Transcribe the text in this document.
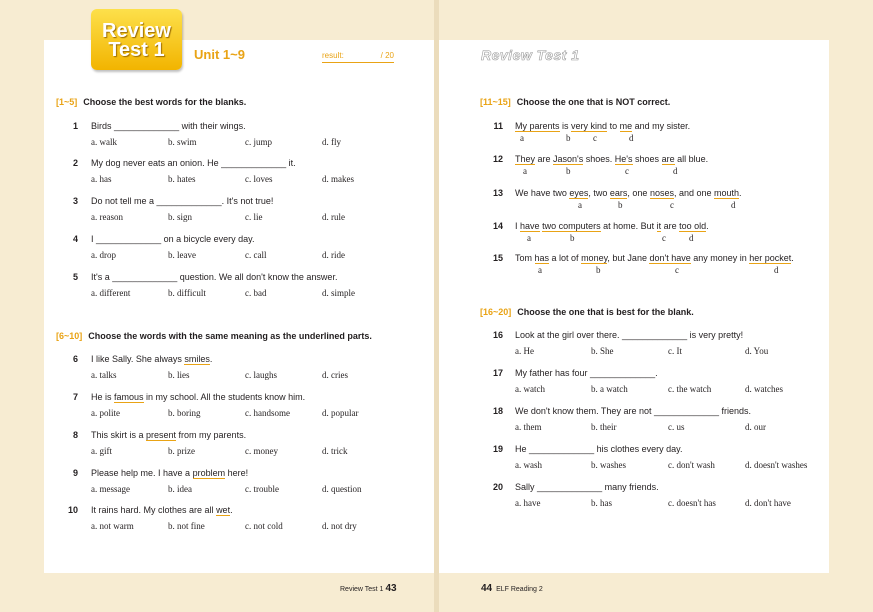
Review Test 1	Unit 1~9	result:	/ 20
[1~5] Choose the best words for the blanks.
[6~10] Choose the words with the same meaning as the underlined parts.
1 Birds _____________ with their wings.
a. walk	b. swim	c. jump	d. fly
2 My dog never eats an onion. He _____________ it.
a. has	b. hates	c. loves	d. makes
3 Do not tell me a _____________. It's not true!
a. reason	b. sign	c. lie	d. rule
4 I _____________ on a bicycle every day.
a. drop	b. leave	c. call	d. ride
5 It's a _____________ question. We all don't know the answer.
a. different	b. difficult	c. bad	d. simple
6 I like Sally. She always smiles.
a. talks	b. lies	c. laughs	d. cries
7 He is famous in my school. All the students know him.
a. polite	b. boring	c. handsome	d. popular
8 This skirt is a present from my parents.
a. gift	b. prize	c. money	d. trick
9 Please help me. I have a problem here!
a. message	b. idea	c. trouble	d. question
10 It rains hard. My clothes are all wet.
a. not warm	b. not fine	c. not cold	d. not dry
Review Test 1 43
Review Test 1
[11~15] Choose the one that is NOT correct.
[16~20] Choose the one that is best for the blank.
11 My parents is very kind to me and my sister.
a	b	c	d
12 They are Jason's shoes. He's shoes are all blue.
a	b	c	d
13 We have two eyes, two ears, one noses, and one mouth.
a	b	c	d
14 I have two computers at home. But it are too old.
a	b	c	d
15 Tom has a lot of money, but Jane don't have any money in her pocket.
a	b	c	d
16 Look at the girl over there. _____________ is very pretty!
a. He	b. She	c. It	d. You
17 My father has four _____________.
a. watch	b. a watch	c. the watch	d. watches
18 We don't know them. They are not _____________ friends.
a. them	b. their	c. us	d. our
19 He _____________ his clothes every day.
a. wash	b. washes	c. don't wash	d. doesn't washes
20 Sally _____________ many friends.
a. have	b. has	c. doesn't has	d. don't have
44 ELF Reading 2
